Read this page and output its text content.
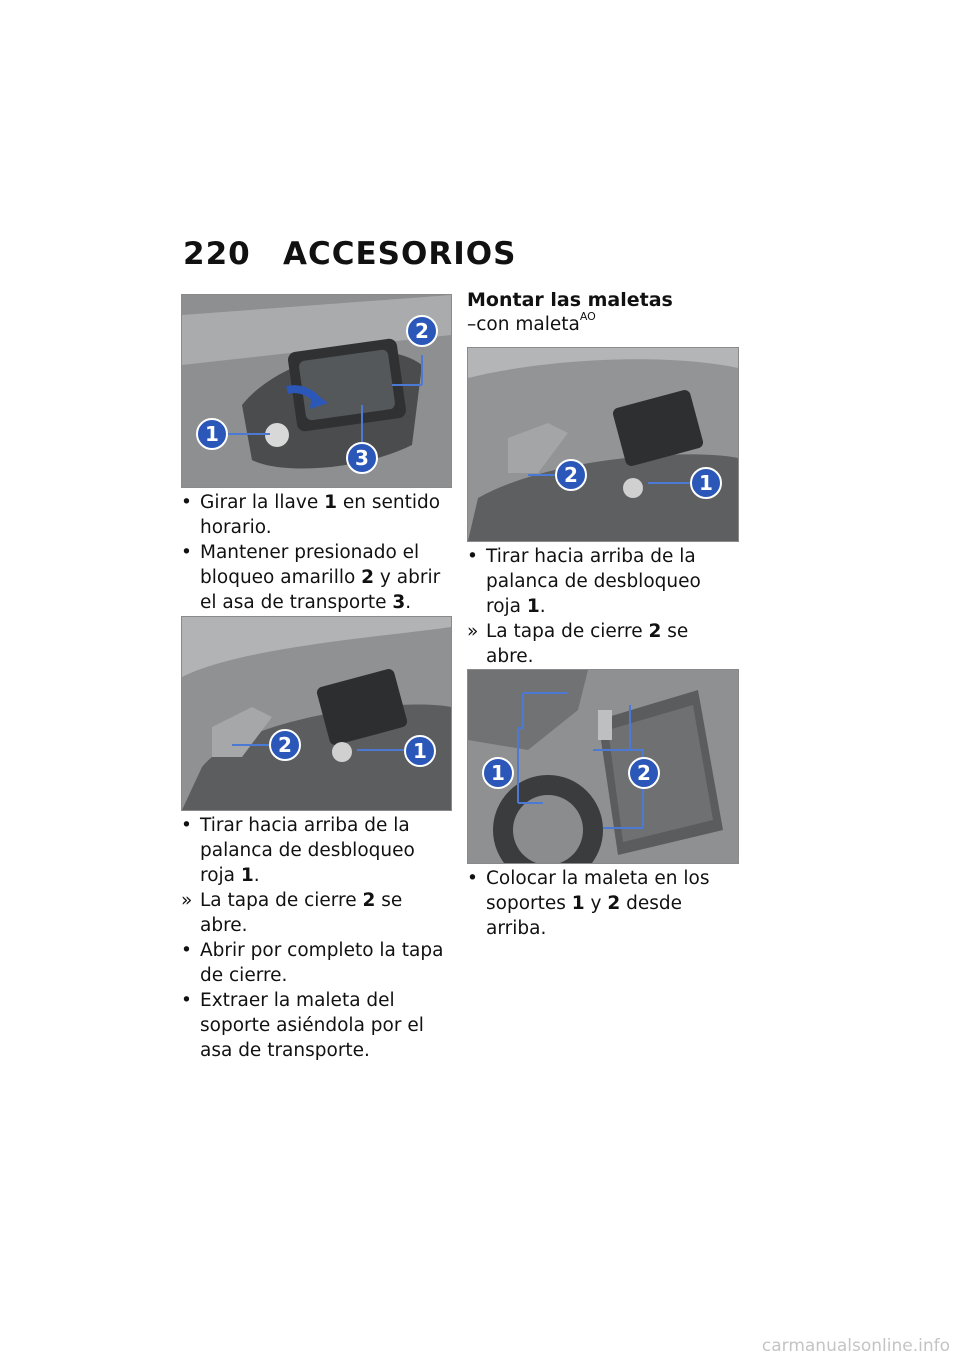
220 ACCESORIOS
1
2
3
• Girar la llave 1 en sentido horario.
• Mantener presionado el bloqueo amarillo 2 y abrir el asa de transporte 3.
1
2
• Tirar hacia arriba de la palanca de desbloqueo roja 1.
» La tapa de cierre 2 se abre.
• Abrir por completo la tapa de cierre.
• Extraer la maleta del soporte asiéndola por el asa de transporte.
Montar las maletas
–con maleta$^{AO}$
1
2
• Tirar hacia arriba de la palanca de desbloqueo roja 1.
» La tapa de cierre 2 se abre.
1	2
• Colocar la maleta en los soportes 1 y 2 desde arriba.
carmanualsonline.info
